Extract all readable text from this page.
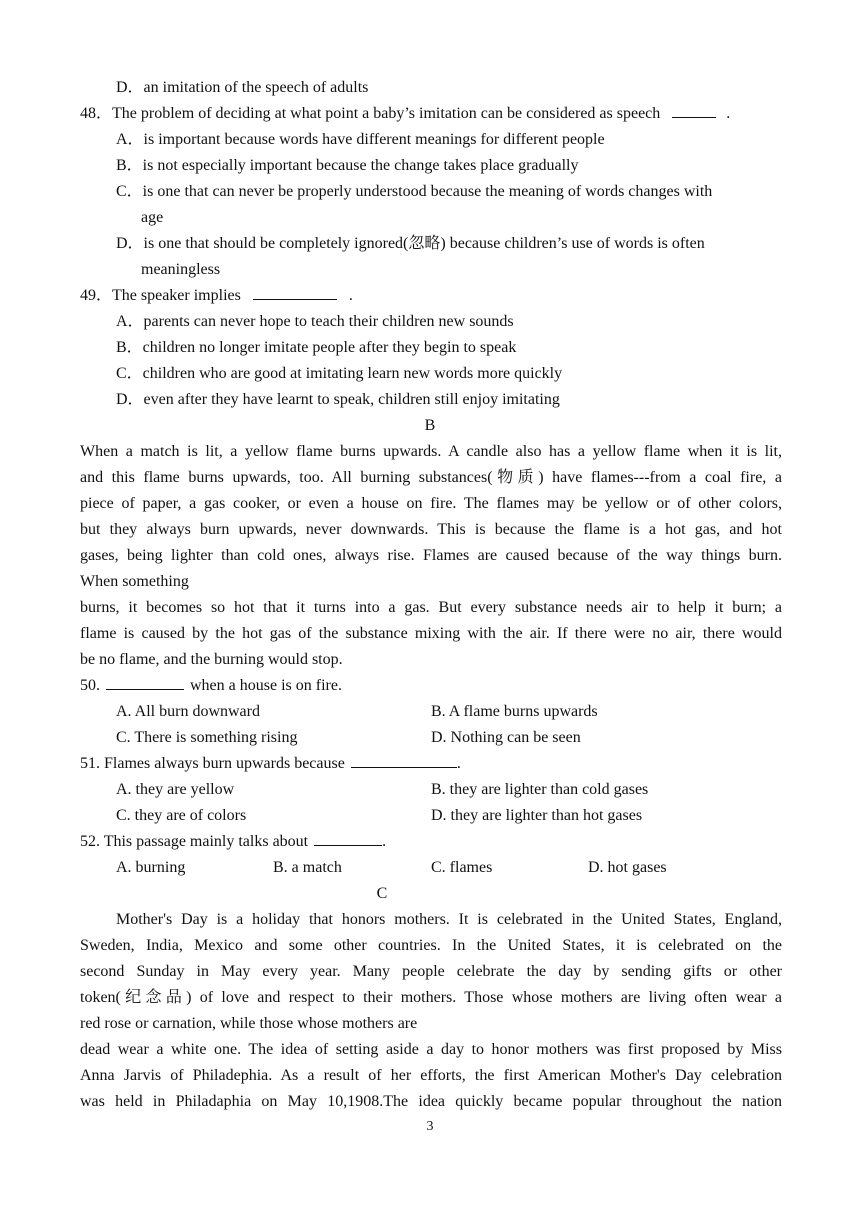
D．an imitation of the speech of adults
48．The problem of deciding at what point a baby’s imitation can be considered as speech	.
A．is important because words have different meanings for different people
B．is not especially important because the change takes place gradually
C．is one that can never be properly understood because the meaning of words changes with
age
D．is one that should be completely ignored(忽略) because children’s use of words is often
meaningless
49．The speaker implies	.
A．parents can never hope to teach their children new sounds
B．children no longer imitate people after they begin to speak
C．children who are good at imitating learn new words more quickly
D．even after they have learnt to speak, children still enjoy imitating
B
When a match is lit, a yellow flame burns upwards. A candle also has a yellow flame when it is lit,
and this flame burns upwards, too. All burning substances(物质) have flames---from a coal fire, a
piece of paper, a gas cooker, or even a house on fire. The flames may be yellow or of other colors,
but they always burn upwards, never downwards. This is because the flame is a hot gas, and hot
gases, being lighter than cold ones, always rise. Flames are caused because of the way things burn.
When something
burns, it becomes so hot that it turns into a gas. But every substance needs air to help it burn; a
flame is caused by the hot gas of the substance mixing with the air. If there were no air, there would
be no flame, and the burning would stop.
50.	when a house is on fire.
A. All burn downward	B. A flame burns upwards
C. There is something rising	D. Nothing can be seen
51. Flames always burn upwards because	.
A. they are yellow	B. they are lighter than cold gases
C. they are of colors	D. they are lighter than hot gases
52. This passage mainly talks about	.
A. burning	B. a match	C. flames	D. hot gases
C
Mother's Day is a holiday that honors mothers. It is celebrated in the United States, England,
Sweden, India, Mexico and some other countries. In the United States, it is celebrated on the
second Sunday in May every year. Many people celebrate the day by sending gifts or other
token(纪念品) of love and respect to their mothers. Those whose mothers are living often wear a
red rose or carnation, while those whose mothers are
dead wear a white one. The idea of setting aside a day to honor mothers was first proposed by Miss
Anna Jarvis of Philadephia. As a result of her efforts, the first American Mother's Day celebration
was held in Philadaphia on May 10,1908.The idea quickly became popular throughout the nation
3
